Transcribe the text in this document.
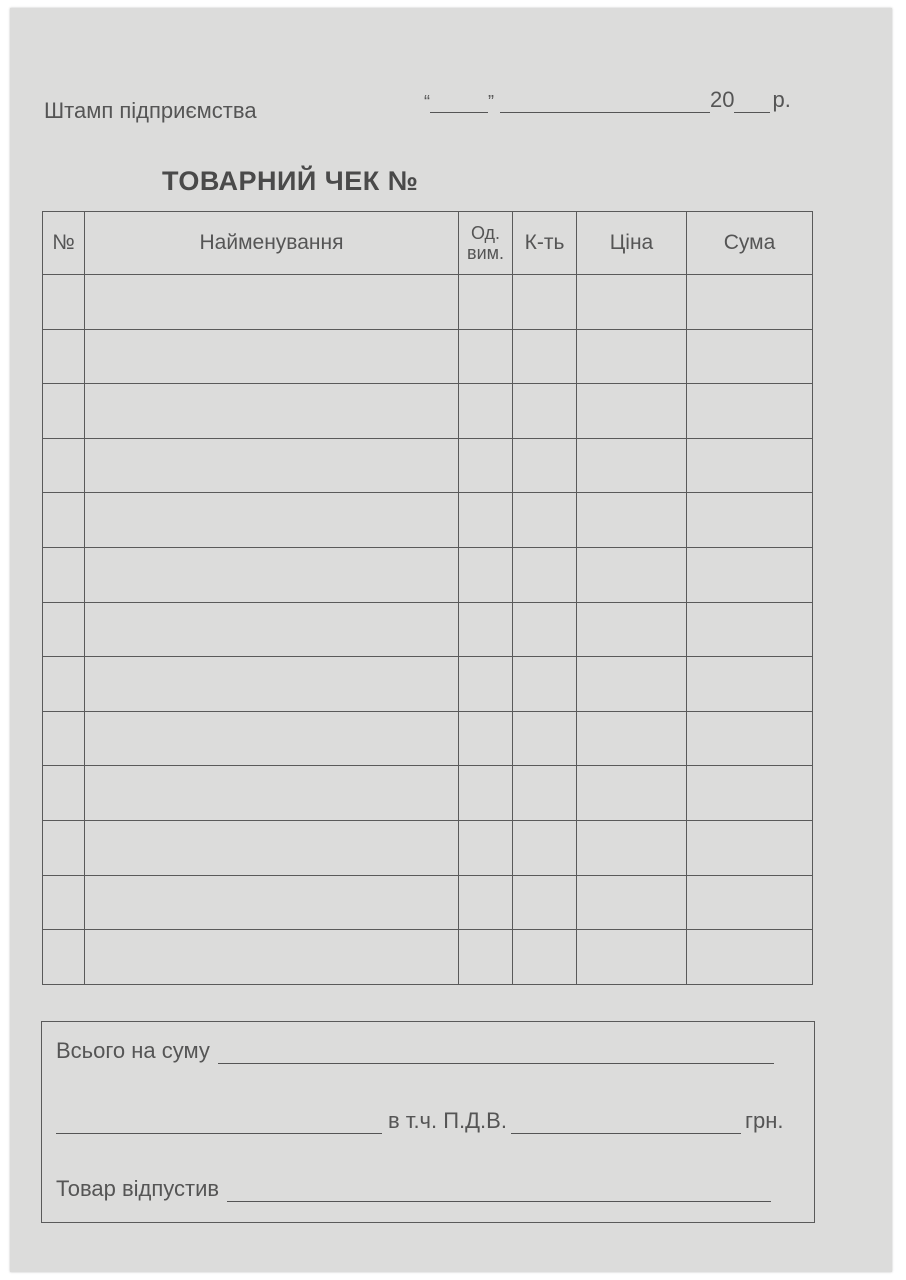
Штамп підприємства	“	”	20 р.
ТОВАРНИЙ ЧЕК №
№	Найменування	Од. вим.	К-ть	Ціна	Сума

Всього на суму
в т.ч. П.Д.В.	грн.
Товар відпустив
